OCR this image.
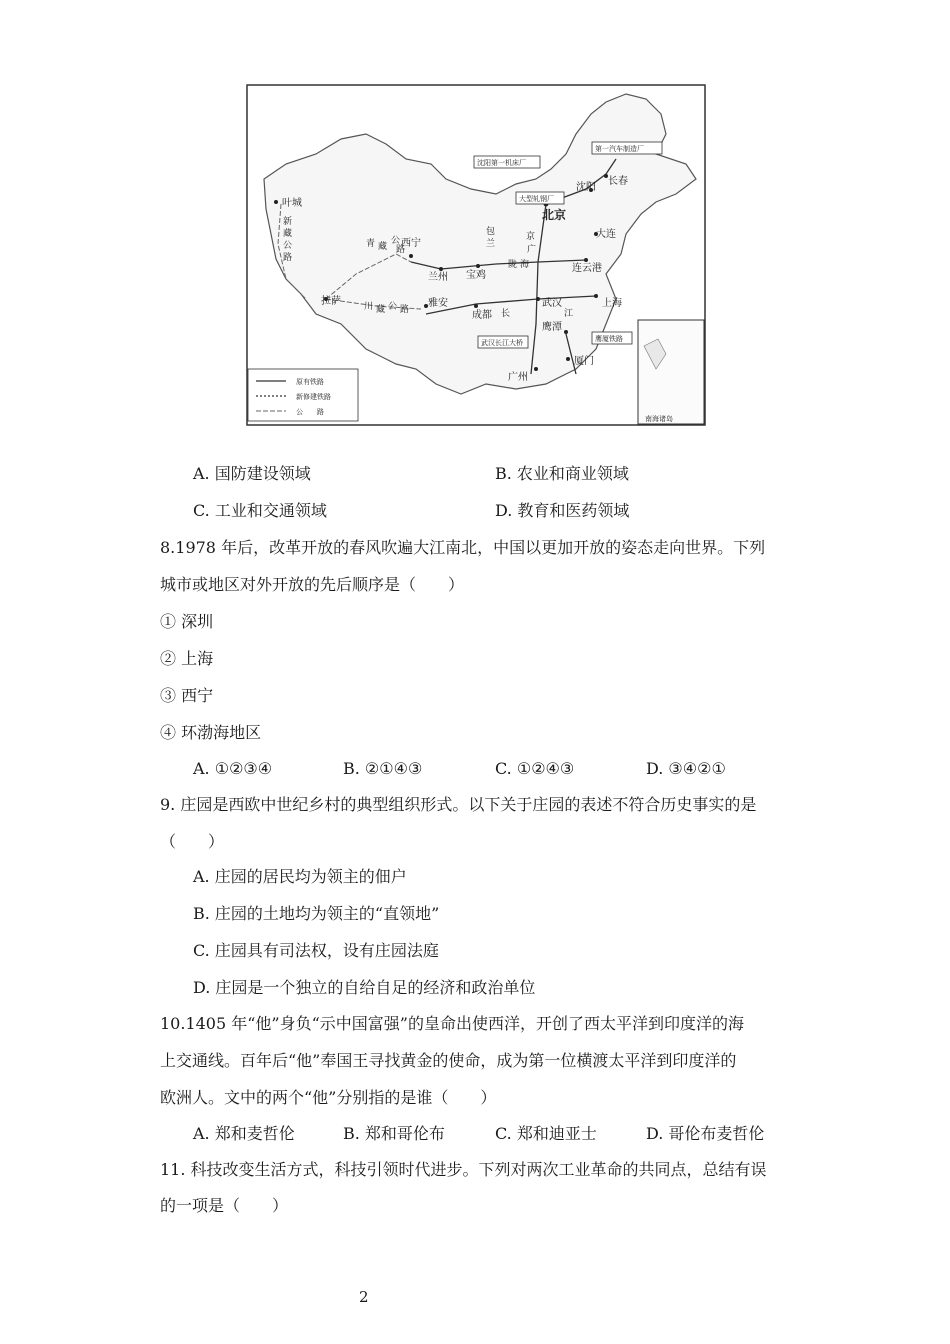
南海诸岛
叶城
西宁
兰州 宝鸡
北京
沈阳
长春
大连
连云港
上海
武汉
成都
雅安
拉萨
广州
厦门
鹰潭
新
藏
公
路
青 藏
公
路
川 藏 公 路
陇 海
包
兰
京
广
长	江
第一汽车制造厂
沈阳第一机床厂
大型轧钢厂
武汉长江大桥	鹰厦铁路
原有铁路
新修建铁路
公　　路
A. 国防建设领域	B. 农业和商业领域
C. 工业和交通领域	D. 教育和医药领域
8.1978 年后，改革开放的春风吹遍大江南北，中国以更加开放的姿态走向世界。下列
城市或地区对外开放的先后顺序是（　　）
① 深圳
② 上海
③ 西宁
④ 环渤海地区
A. ①②③④	B. ②①④③	C. ①②④③	D. ③④②①
9. 庄园是西欧中世纪乡村的典型组织形式。以下关于庄园的表述不符合历史事实的是
（　　）
A. 庄园的居民均为领主的佃户
B. 庄园的土地均为领主的“直领地”
C. 庄园具有司法权，设有庄园法庭
D. 庄园是一个独立的自给自足的经济和政治单位
10.1405 年“他”身负“示中国富强”的皇命出使西洋，开创了西太平洋到印度洋的海
上交通线。百年后“他”奉国王寻找黄金的使命，成为第一位横渡太平洋到印度洋的
欧洲人。文中的两个“他”分别指的是谁（　　）
A. 郑和麦哲伦	B. 郑和哥伦布	C. 郑和迪亚士	D. 哥伦布麦哲伦
11. 科技改变生活方式，科技引领时代进步。下列对两次工业革命的共同点，总结有误
的一项是（　　）
2
